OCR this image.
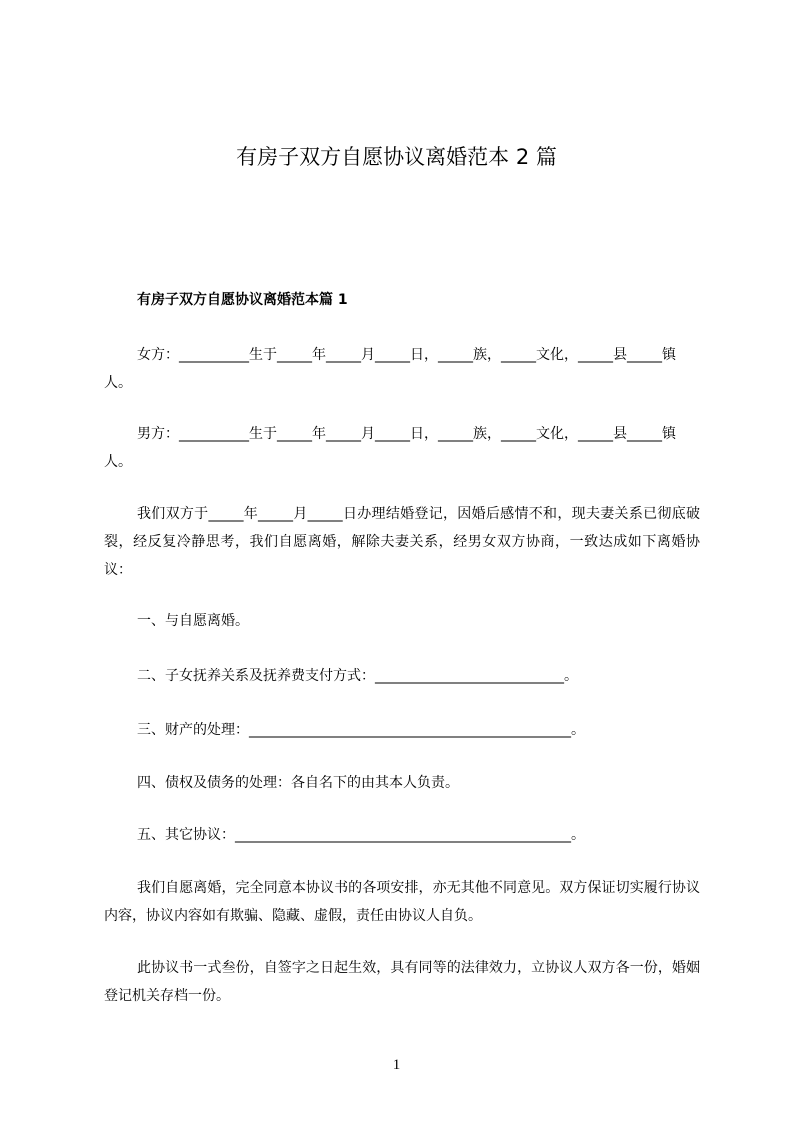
有房子双方自愿协议离婚范本 2 篇
有房子双方自愿协议离婚范本篇 1

女方：__________生于_____年_____月_____日，_____族，_____文化，_____县_____镇人。

男方：__________生于_____年_____月_____日，_____族，_____文化，_____县_____镇人。

我们双方于_____年_____月_____日办理结婚登记，因婚后感情不和，现夫妻关系已彻底破裂，经反复冷静思考，我们自愿离婚，解除夫妻关系，经男女双方协商，一致达成如下离婚协议：

一、与自愿离婚。
二、子女抚养关系及抚养费支付方式：___________________________。
三、财产的处理：______________________________________________。
四、债权及债务的处理：各自名下的由其本人负责。
五、其它协议：________________________________________________。

我们自愿离婚，完全同意本协议书的各项安排，亦无其他不同意见。双方保证切实履行协议内容，协议内容如有欺骗、隐藏、虚假，责任由协议人自负。

此协议书一式叁份，自签字之日起生效，具有同等的法律效力，立协议人双方各一份，婚姻登记机关存档一份。

1
